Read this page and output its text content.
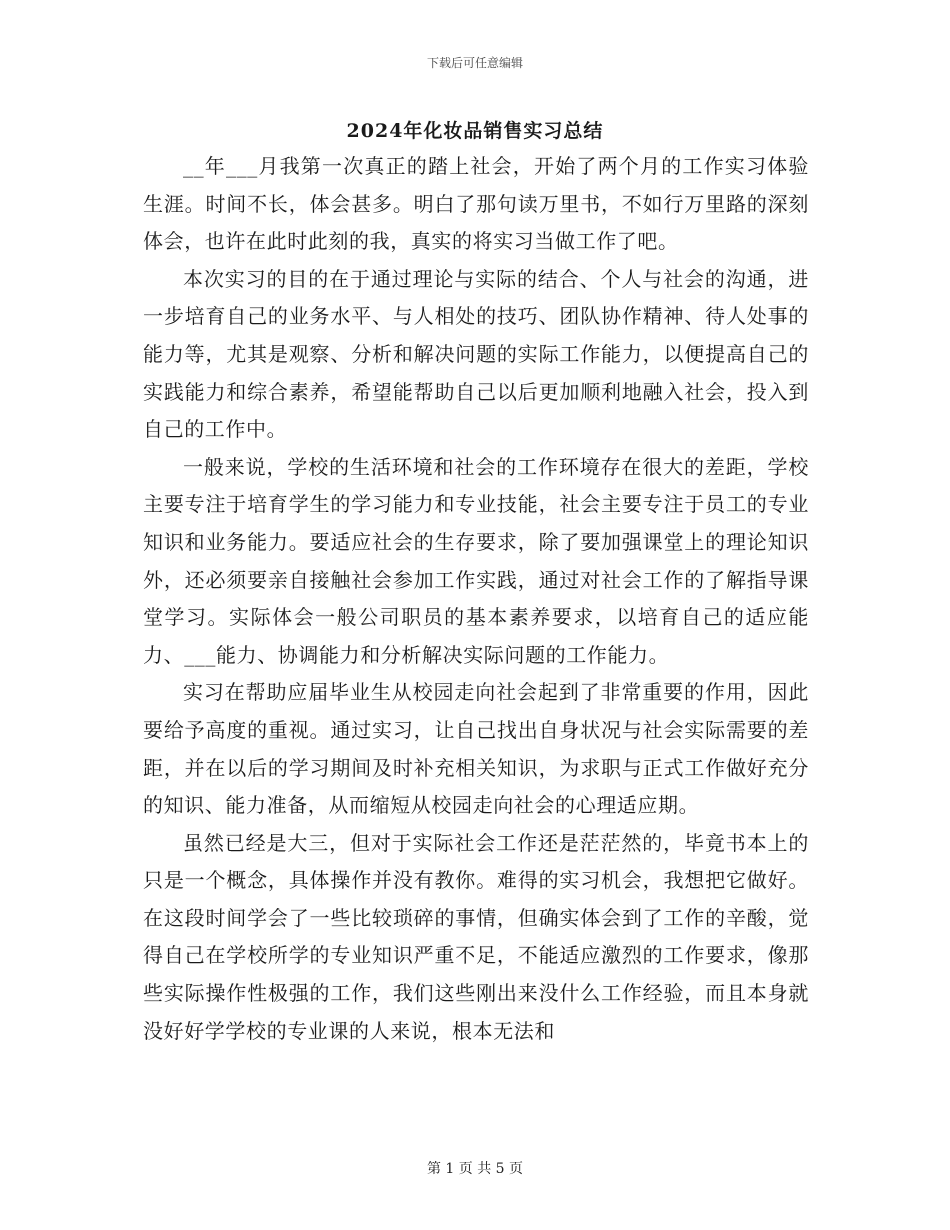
下载后可任意编辑
2024年化妆品销售实习总结

__年___月我第一次真正的踏上社会，开始了两个月的工作实习体验生涯。时间不长，体会甚多。明白了那句读万里书，不如行万里路的深刻体会，也许在此时此刻的我，真实的将实习当做工作了吧。

本次实习的目的在于通过理论与实际的结合、个人与社会的沟通，进一步培育自己的业务水平、与人相处的技巧、团队协作精神、待人处事的能力等，尤其是观察、分析和解决问题的实际工作能力，以便提高自己的实践能力和综合素养，希望能帮助自己以后更加顺利地融入社会，投入到自己的工作中。

一般来说，学校的生活环境和社会的工作环境存在很大的差距，学校主要专注于培育学生的学习能力和专业技能，社会主要专注于员工的专业知识和业务能力。要适应社会的生存要求，除了要加强课堂上的理论知识外，还必须要亲自接触社会参加工作实践，通过对社会工作的了解指导课堂学习。实际体会一般公司职员的基本素养要求，以培育自己的适应能力、___能力、协调能力和分析解决实际问题的工作能力。

实习在帮助应届毕业生从校园走向社会起到了非常重要的作用，因此要给予高度的重视。通过实习，让自己找出自身状况与社会实际需要的差距，并在以后的学习期间及时补充相关知识，为求职与正式工作做好充分的知识、能力准备，从而缩短从校园走向社会的心理适应期。

虽然已经是大三，但对于实际社会工作还是茫茫然的，毕竟书本上的只是一个概念，具体操作并没有教你。难得的实习机会，我想把它做好。在这段时间学会了一些比较琐碎的事情，但确实体会到了工作的辛酸，觉得自己在学校所学的专业知识严重不足，不能适应激烈的工作要求，像那些实际操作性极强的工作，我们这些刚出来没什么工作经验，而且本身就没好好学学校的专业课的人来说，根本无法和

第 1 页 共 5 页
